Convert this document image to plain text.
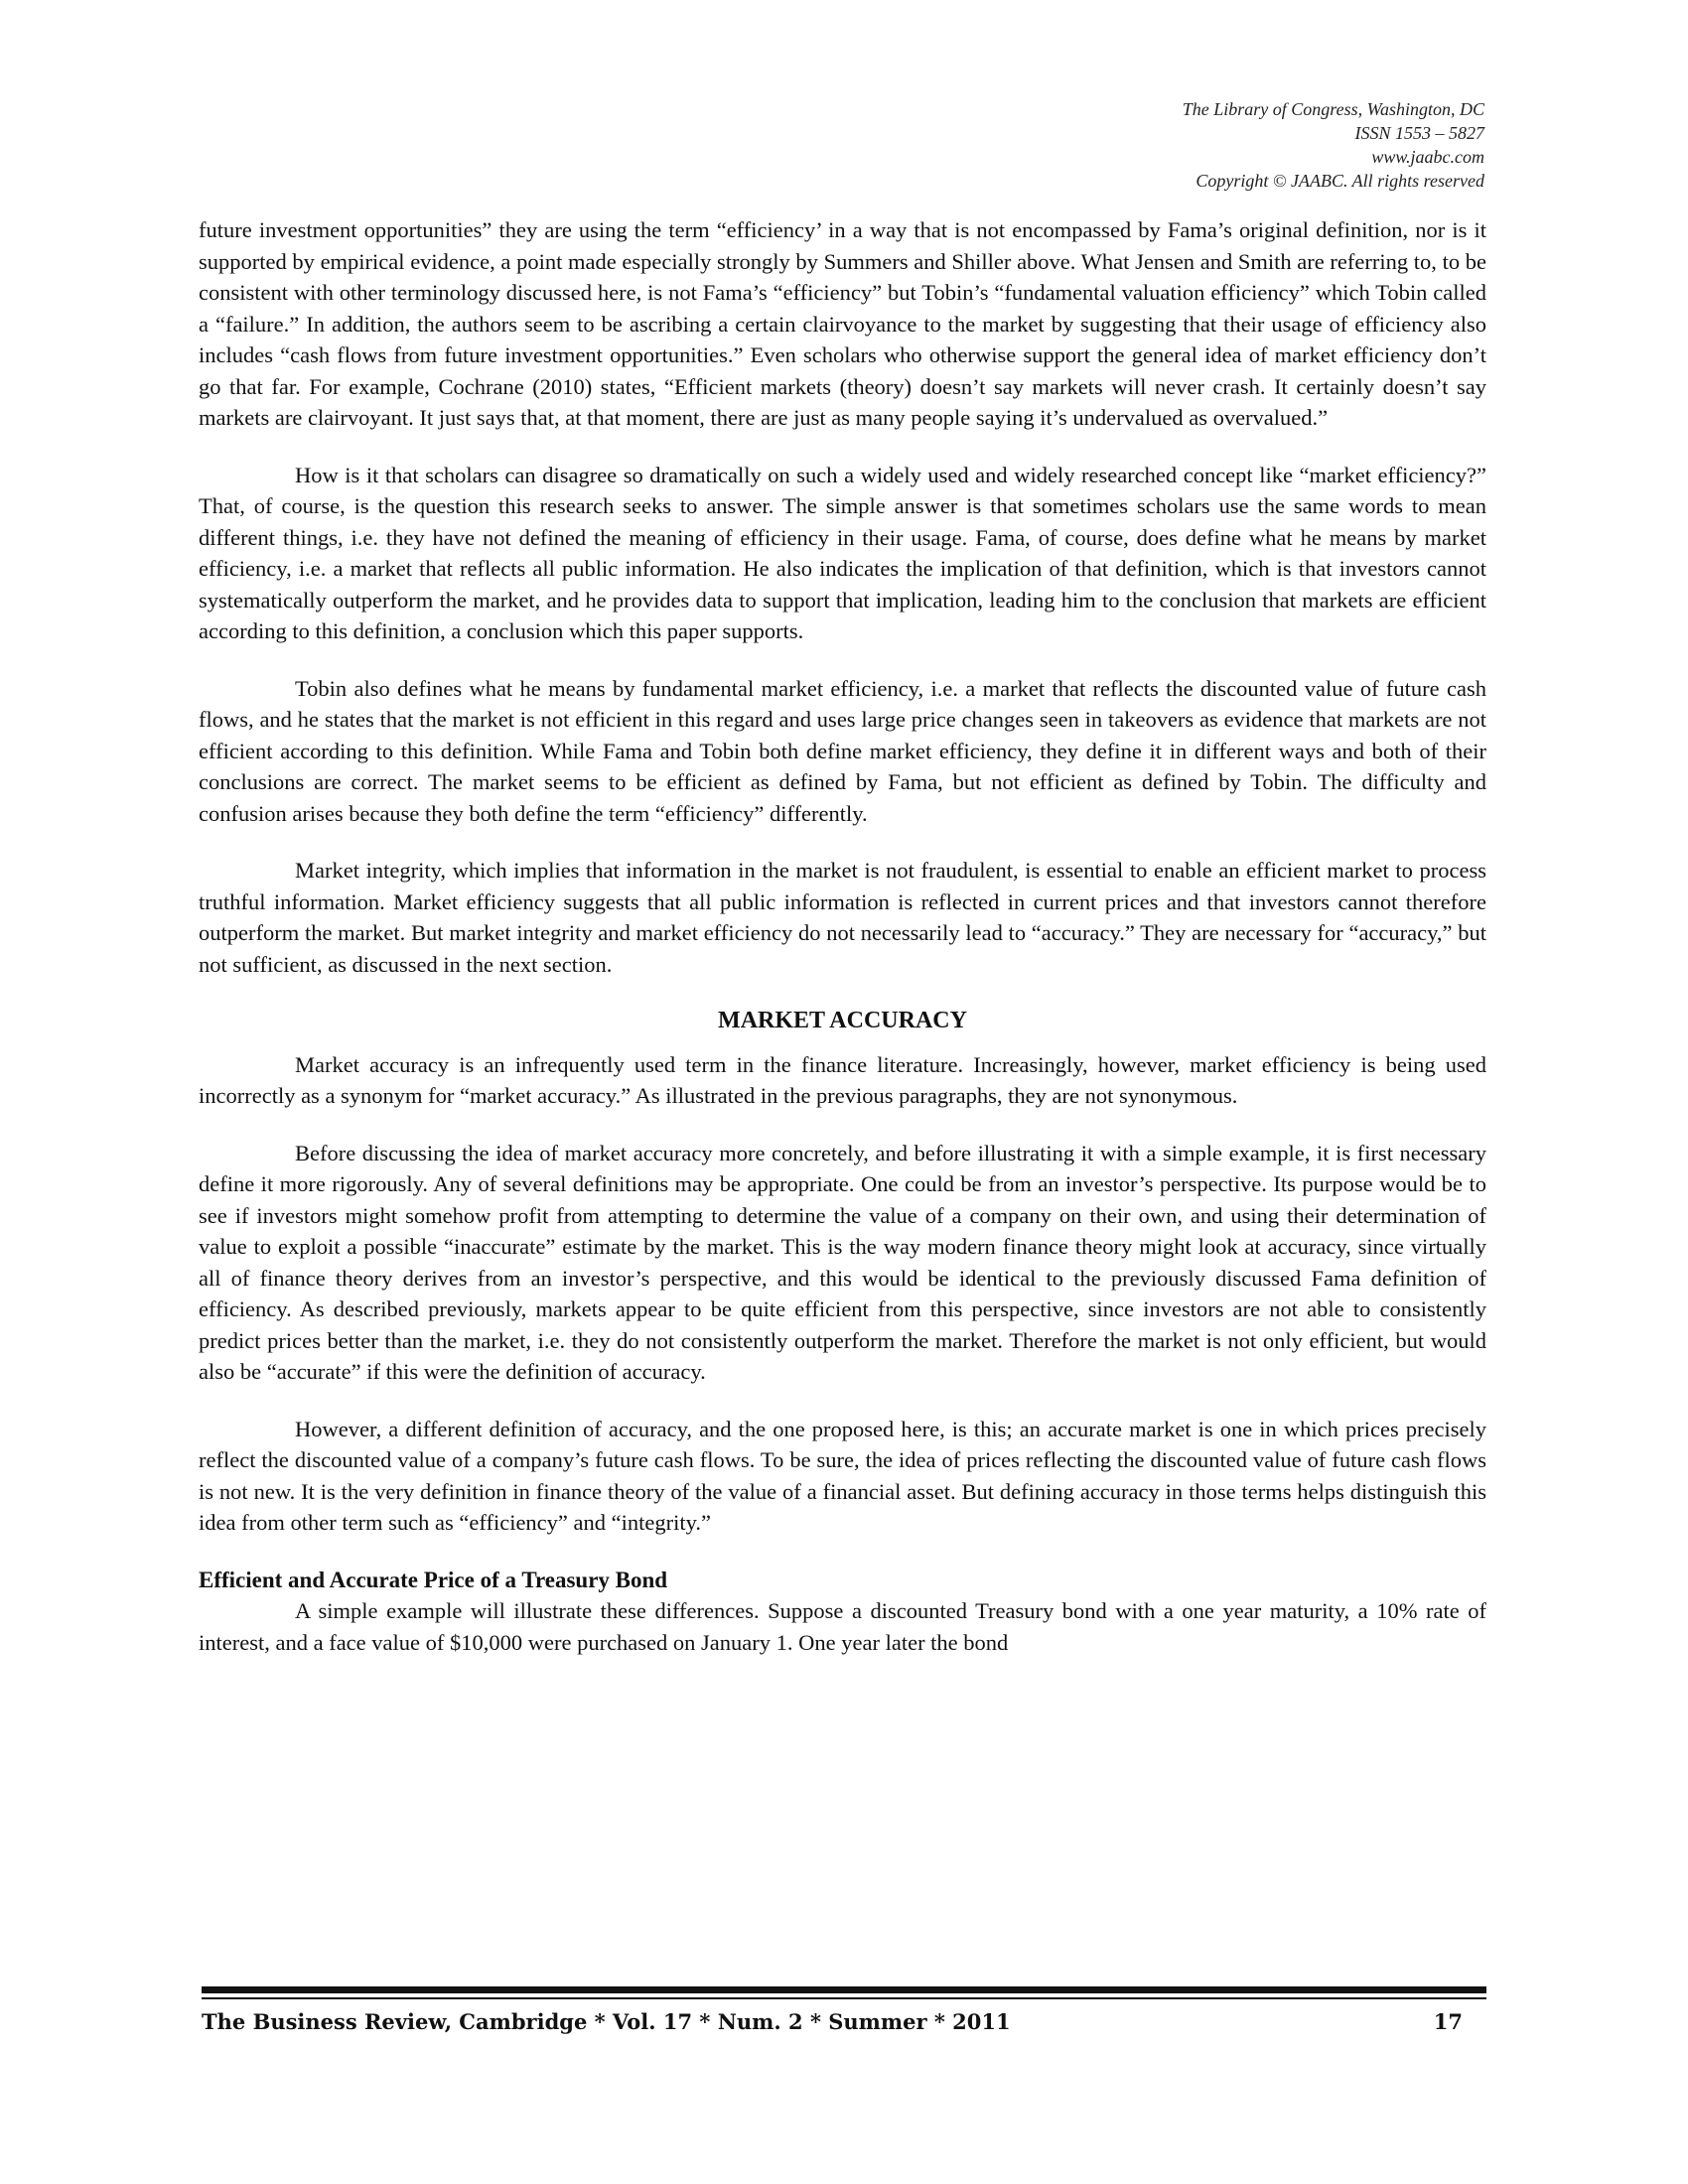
The Library of Congress, Washington, DC
ISSN 1553 – 5827
www.jaabc.com
Copyright © JAABC. All rights reserved

future investment opportunities” they are using the term “efficiency’ in a way that is not encompassed by Fama’s original definition, nor is it supported by empirical evidence, a point made especially strongly by Summers and Shiller above. What Jensen and Smith are referring to, to be consistent with other terminology discussed here, is not Fama’s “efficiency” but Tobin’s “fundamental valuation efficiency” which Tobin called a “failure.” In addition, the authors seem to be ascribing a certain clairvoyance to the market by suggesting that their usage of efficiency also includes “cash flows from future investment opportunities.” Even scholars who otherwise support the general idea of market efficiency don’t go that far. For example, Cochrane (2010) states, “Efficient markets (theory) doesn’t say markets will never crash. It certainly doesn’t say markets are clairvoyant. It just says that, at that moment, there are just as many people saying it’s undervalued as overvalued.”

How is it that scholars can disagree so dramatically on such a widely used and widely researched concept like “market efficiency?” That, of course, is the question this research seeks to answer. The simple answer is that sometimes scholars use the same words to mean different things, i.e. they have not defined the meaning of efficiency in their usage. Fama, of course, does define what he means by market efficiency, i.e. a market that reflects all public information. He also indicates the implication of that definition, which is that investors cannot systematically outperform the market, and he provides data to support that implication, leading him to the conclusion that markets are efficient according to this definition, a conclusion which this paper supports.

Tobin also defines what he means by fundamental market efficiency, i.e. a market that reflects the discounted value of future cash flows, and he states that the market is not efficient in this regard and uses large price changes seen in takeovers as evidence that markets are not efficient according to this definition. While Fama and Tobin both define market efficiency, they define it in different ways and both of their conclusions are correct. The market seems to be efficient as defined by Fama, but not efficient as defined by Tobin. The difficulty and confusion arises because they both define the term “efficiency” differently.

Market integrity, which implies that information in the market is not fraudulent, is essential to enable an efficient market to process truthful information. Market efficiency suggests that all public information is reflected in current prices and that investors cannot therefore outperform the market. But market integrity and market efficiency do not necessarily lead to “accuracy.” They are necessary for “accuracy,” but not sufficient, as discussed in the next section.

MARKET ACCURACY

Market accuracy is an infrequently used term in the finance literature. Increasingly, however, market efficiency is being used incorrectly as a synonym for “market accuracy.” As illustrated in the previous paragraphs, they are not synonymous.

Before discussing the idea of market accuracy more concretely, and before illustrating it with a simple example, it is first necessary define it more rigorously. Any of several definitions may be appropriate. One could be from an investor’s perspective. Its purpose would be to see if investors might somehow profit from attempting to determine the value of a company on their own, and using their determination of value to exploit a possible “inaccurate” estimate by the market. This is the way modern finance theory might look at accuracy, since virtually all of finance theory derives from an investor’s perspective, and this would be identical to the previously discussed Fama definition of efficiency. As described previously, markets appear to be quite efficient from this perspective, since investors are not able to consistently predict prices better than the market, i.e. they do not consistently outperform the market. Therefore the market is not only efficient, but would also be “accurate” if this were the definition of accuracy.

However, a different definition of accuracy, and the one proposed here, is this; an accurate market is one in which prices precisely reflect the discounted value of a company’s future cash flows. To be sure, the idea of prices reflecting the discounted value of future cash flows is not new. It is the very definition in finance theory of the value of a financial asset. But defining accuracy in those terms helps distinguish this idea from other term such as “efficiency” and “integrity.”

Efficient and Accurate Price of a Treasury Bond

A simple example will illustrate these differences. Suppose a discounted Treasury bond with a one year maturity, a 10% rate of interest, and a face value of $10,000 were purchased on January 1. One year later the bond

The Business Review, Cambridge * Vol. 17 * Num. 2 * Summer * 2011	17
